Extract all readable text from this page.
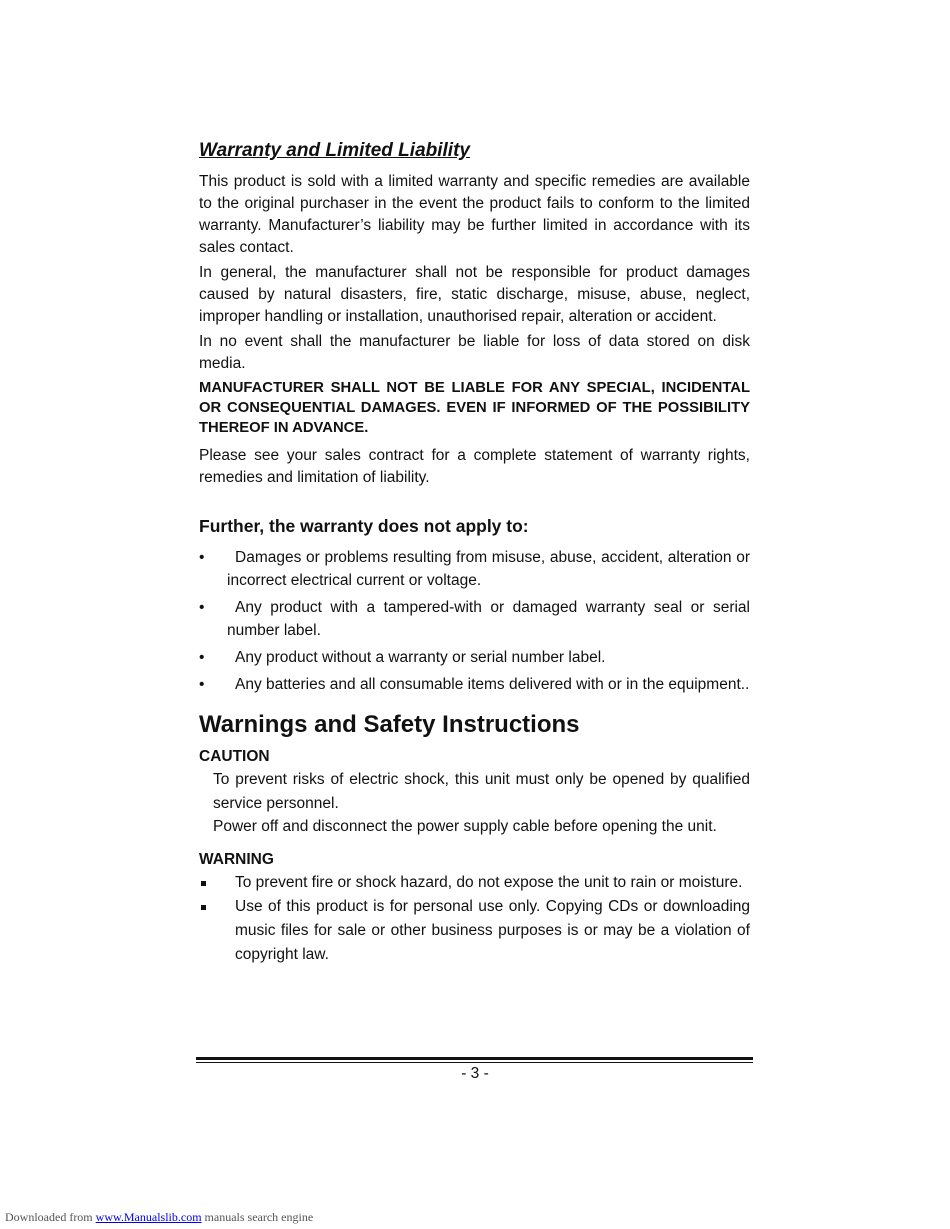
Warranty and Limited Liability

This product is sold with a limited warranty and specific remedies are available to the original purchaser in the event the product fails to conform to the limited warranty. Manufacturer’s liability may be further limited in accordance with its sales contact.

In general, the manufacturer shall not be responsible for product damages caused by natural disasters, fire, static discharge, misuse, abuse, neglect, improper handling or installation, unauthorised repair, alteration or accident.

In no event shall the manufacturer be liable for loss of data stored on disk media.

MANUFACTURER SHALL NOT BE LIABLE FOR ANY SPECIAL, INCIDENTAL OR CONSEQUENTIAL DAMAGES. EVEN IF INFORMED OF THE POSSIBILITY THEREOF IN ADVANCE.

Please see your sales contract for a complete statement of warranty rights, remedies and limitation of liability.

Further, the warranty does not apply to:
•	Damages or problems resulting from misuse, abuse, accident, alteration or incorrect electrical current or voltage.
•	Any product with a tampered-with or damaged warranty seal or serial number label.
•	Any product without a warranty or serial number label.
•	Any batteries and all consumable items delivered with or in the equipment..
Warnings and Safety Instructions
CAUTION
To prevent risks of electric shock, this unit must only be opened by qualified service personnel.
Power off and disconnect the power supply cable before opening the unit.
WARNING
To prevent fire or shock hazard, do not expose the unit to rain or moisture.
Use of this product is for personal use only. Copying CDs or downloading music files for sale or other business purposes is or may be a violation of copyright law.
- 3 -
Downloaded from www.Manualslib.com manuals search engine
